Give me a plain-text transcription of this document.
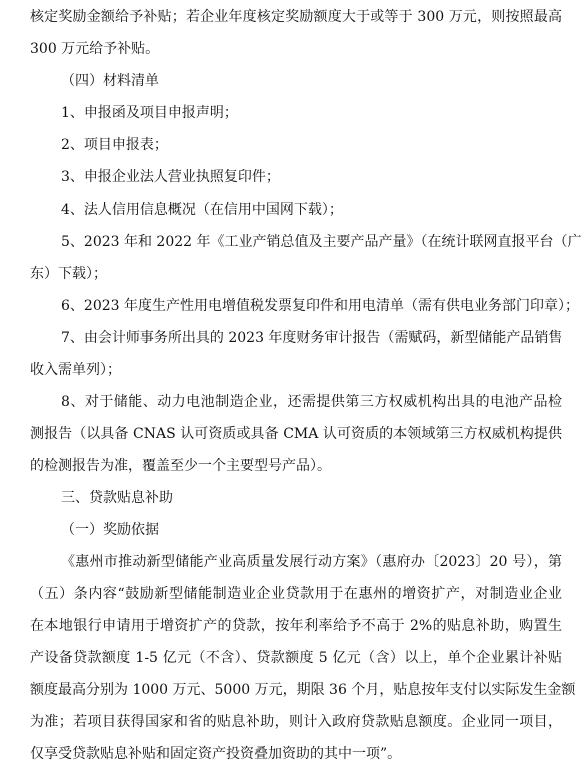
核定奖励金额给予补贴；若企业年度核定奖励额度大于或等于 300 万元，则按照最高
300 万元给予补贴。
（四）材料清单
1、申报函及项目申报声明；
2、项目申报表；
3、申报企业法人营业执照复印件；
4、法人信用信息概况（在信用中国网下载）；
5、2023 年和 2022 年《工业产销总值及主要产品产量》（在统计联网直报平台（广
东）下载）；
6、2023 年度生产性用电增值税发票复印件和用电清单（需有供电业务部门印章）；
7、由会计师事务所出具的 2023 年度财务审计报告（需赋码，新型储能产品销售
收入需单列）；
8、对于储能、动力电池制造企业，还需提供第三方权威机构出具的电池产品检
测报告（以具备 CNAS 认可资质或具备 CMA 认可资质的本领域第三方权威机构提供
的检测报告为准，覆盖至少一个主要型号产品）。
三、贷款贴息补助
（一）奖励依据
《惠州市推动新型储能产业高质量发展行动方案》（惠府办〔2023〕20 号），第
（五）条内容“鼓励新型储能制造业企业贷款用于在惠州的增资扩产，对制造业企业
在本地银行申请用于增资扩产的贷款，按年利率给予不高于 2%的贴息补助，购置生
产设备贷款额度 1-5 亿元（不含）、贷款额度 5 亿元（含）以上，单个企业累计补贴
额度最高分别为 1000 万元、5000 万元，期限 36 个月，贴息按年支付以实际发生金额
为准；若项目获得国家和省的贴息补助，则计入政府贷款贴息额度。企业同一项目，
仅享受贷款贴息补贴和固定资产投资叠加资助的其中一项”。
